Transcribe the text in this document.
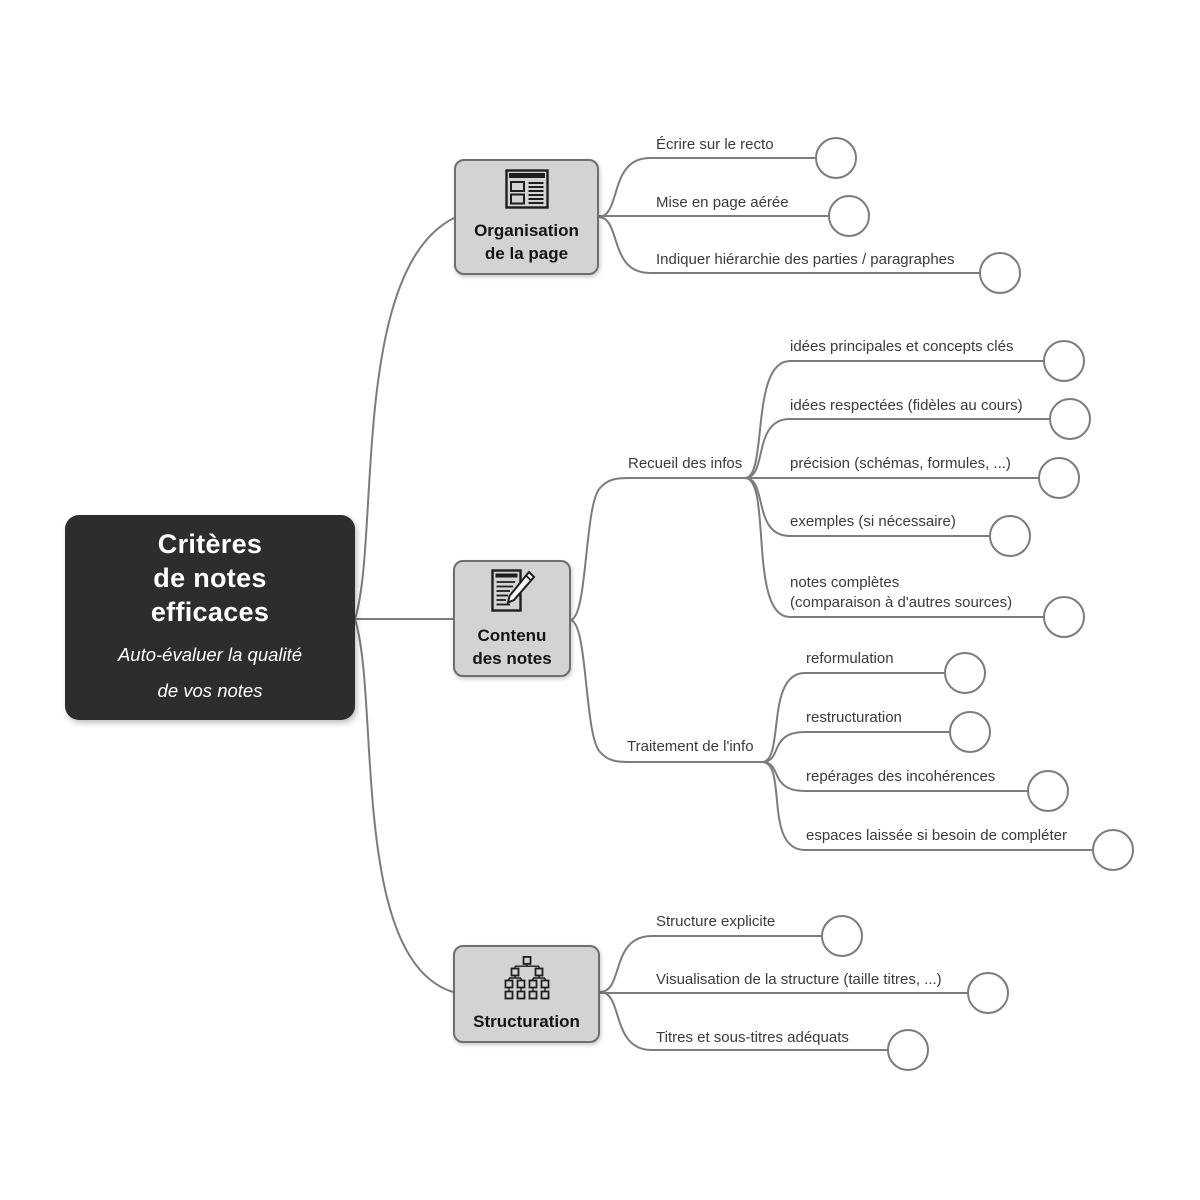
Critères
de notes
efficaces
Auto-évaluer la qualité
de vos notes
Organisation
de la page
Contenu
des notes
Structuration
Écrire sur le recto
Mise en page aérée
Indiquer hiérarchie des parties / paragraphes
Recueil des infos
Traitement de l'info
idées principales et concepts clés
idées respectées (fidèles au cours)
précision (schémas, formules, ...)
exemples (si nécessaire)
notes complètes
(comparaison à d'autres sources)
reformulation
restructuration
repérages des incohérences
espaces laissée si besoin de compléter
Structure explicite
Visualisation de la structure (taille titres, ...)
Titres et sous-titres adéquats
